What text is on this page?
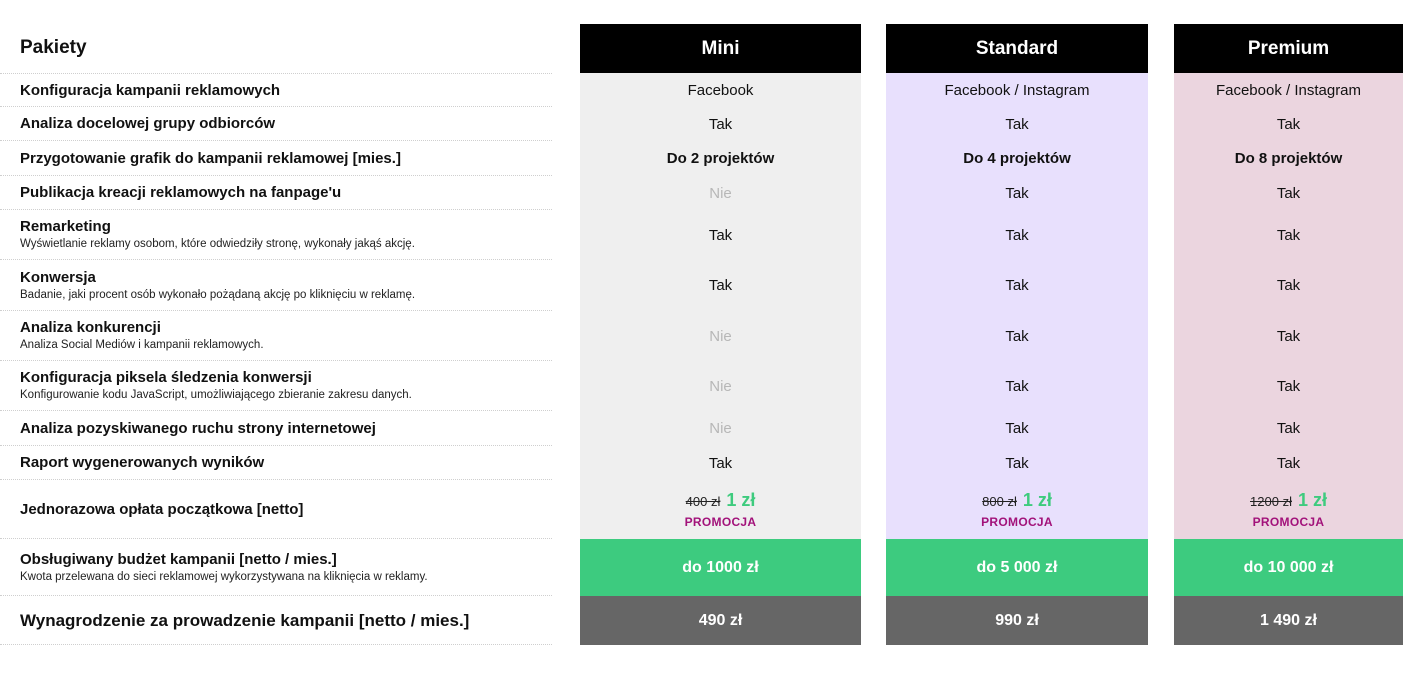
Pakiety
Konfiguracja kampanii reklamowych
Analiza docelowej grupy odbiorców
Przygotowanie grafik do kampanii reklamowej [mies.]
Publikacja kreacji reklamowych na fanpage'u
Remarketing
Wyświetlanie reklamy osobom, które odwiedziły stronę, wykonały jakąś akcję.
Konwersja
Badanie, jaki procent osób wykonało pożądaną akcję po kliknięciu w reklamę.
Analiza konkurencji
Analiza Social Mediów i kampanii reklamowych.
Konfiguracja piksela śledzenia konwersji
Konfigurowanie kodu JavaScript, umożliwiającego zbieranie zakresu danych.
Analiza pozyskiwanego ruchu strony internetowej
Raport wygenerowanych wyników
Jednorazowa opłata początkowa [netto]
Obsługiwany budżet kampanii [netto / mies.]
Kwota przelewana do sieci reklamowej wykorzystywana na kliknięcia w reklamy.
Wynagrodzenie za prowadzenie kampanii [netto / mies.]
Mini
Facebook
Tak
Do 2 projektów
Nie
Tak
Tak
Nie
Nie
Nie
Tak
400 zł 1 zł
PROMOCJA
do 1000 zł
490 zł
Standard
Facebook / Instagram
Tak
Do 4 projektów
Tak
Tak
Tak
Tak
Tak
Tak
Tak
800 zł 1 zł
PROMOCJA
do 5 000 zł
990 zł
Premium
Facebook / Instagram
Tak
Do 8 projektów
Tak
Tak
Tak
Tak
Tak
Tak
Tak
1200 zł 1 zł
PROMOCJA
do 10 000 zł
1 490 zł
